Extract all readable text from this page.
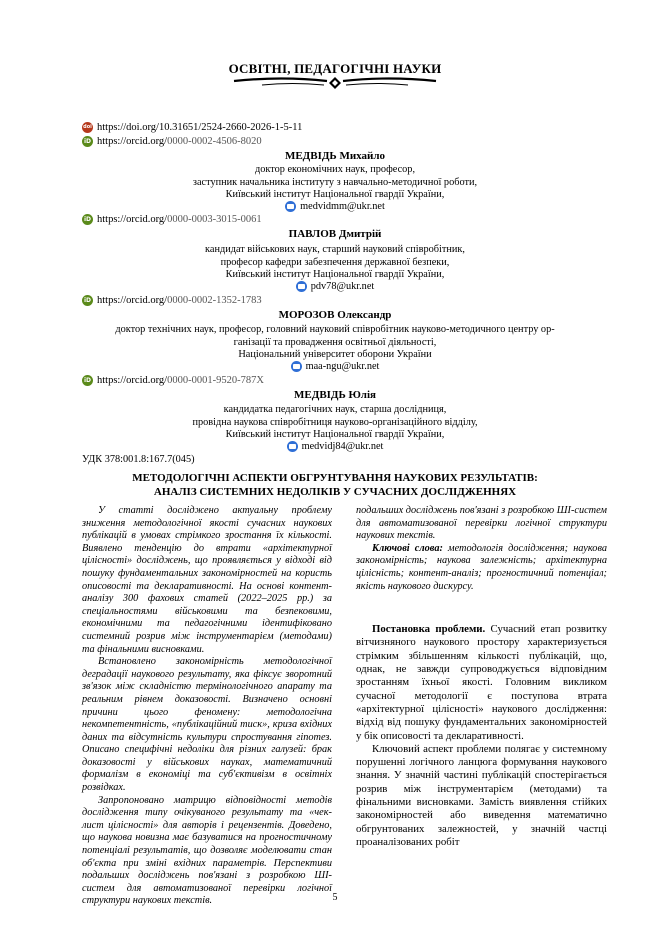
ОСВІТНІ, ПЕДАГОГІЧНІ НАУКИ
doi https://doi.org/10.31651/2524-2660-2026-1-5-11
iD https://orcid.org/0000-0002-4506-8020
МЕДВІДЬ Михайло
доктор економічних наук, професор,
заступник начальника інституту з навчально-методичної роботи,
Київський інститут Національної гвардії України,
medvidmm@ukr.net
iD https://orcid.org/0000-0003-3015-0061
ПАВЛОВ Дмитрій
кандидат військових наук, старший науковий співробітник,
професор кафедри забезпечення державної безпеки,
Київський інститут Національної гвардії України,
pdv78@ukr.net
iD https://orcid.org/0000-0002-1352-1783
МОРОЗОВ Олександр
доктор технічних наук, професор, головний науковий співробітник науково-методичного центру ор-
ганізації та провадження освітньої діяльності,
Національний університет оборони України
maa-ngu@ukr.net
iD https://orcid.org/0000-0001-9520-787X
МЕДВІДЬ Юлія
кандидатка педагогічних наук, старша дослідниця,
провідна наукова співробітниця науково-організаційного відділу,
Київський інститут Національної гвардії України,
medvidj84@ukr.net
УДК 378:001.8:167.7(045)
МЕТОДОЛОГІЧНІ АСПЕКТИ ОБГРУНТУВАННЯ НАУКОВИХ РЕЗУЛЬТАТІВ:
АНАЛІЗ СИСТЕМНИХ НЕДОЛІКІВ У СУЧАСНИХ ДОСЛІДЖЕННЯХ

У статті досліджено актуальну проблему зниження методологічної якості сучасних наукових публікацій в умовах стрімкого зростання їх кількості. Виявлено тенденцію до втрати «архітектурної цілісності» досліджень, що проявляється у відході від пошуку фундаментальних закономірностей на користь описовості та декларативності. На основі контент-аналізу 300 фахових статей (2022–2025 рр.) за спеціальностями військовими та безпековими, економічними та педагогічними ідентифіковано системний розрив між інструментарієм (методами) та фінальними висновками.

Встановлено закономірність методологічної деградації наукового результату, яка фіксує зворотний зв'язок між складністю термінологічного апарату та реальним рівнем доказовості. Визначено основні причини цього феномену: методологічна некомпетентність, «публікаційний тиск», криза вхідних даних та відсутність культури спростування гіпотез. Описано специфічні недоліки для різних галузей: брак доказовості у військових науках, математичний формалізм в економіці та суб'єктивізм в освітніх розвідках.

Запропоновано матрицю відповідності методів дослідження типу очікуваного результату та «чек-лист цілісності» для авторів і рецензентів. Доведено, що наукова новизна має базуватися на прогностичному потенціалі результатів, що дозволяє моделювати стан об'єкта при зміні вхідних параметрів. Перспективи подальших досліджень пов'язані з розробкою ШІ-систем для автоматизованої перевірки логічної структури наукових текстів.

подальших досліджень пов'язані з розробкою ШІ-систем для автоматизованої перевірки логічної структури наукових текстів.

Ключові слова: методологія дослідження; наукова закономірність; наукова залежність; архітектурна цілісність; контент-аналіз; прогностичний потенціал; якість наукового дискурсу.

Постановка проблеми. Сучасний етап розвитку вітчизняного наукового простору характеризується стрімким збільшенням кількості публікацій, що, однак, не завжди супроводжується відповідним зростанням їхньої якості. Головним викликом сучасної методології є поступова втрата «архітектурної цілісності» наукового дослідження: відхід від пошуку фундаментальних закономірностей у бік описовості та декларативності.

Ключовий аспект проблеми полягає у системному порушенні логічного ланцюга формування наукового знання. У значній частині публікацій спостерігається розрив між інструментарієм (методами) та фінальними висновками. Замість виявлення стійких закономірностей або виведення математично обгрунтованих залежностей, у значній частці проаналізованих робіт

5
